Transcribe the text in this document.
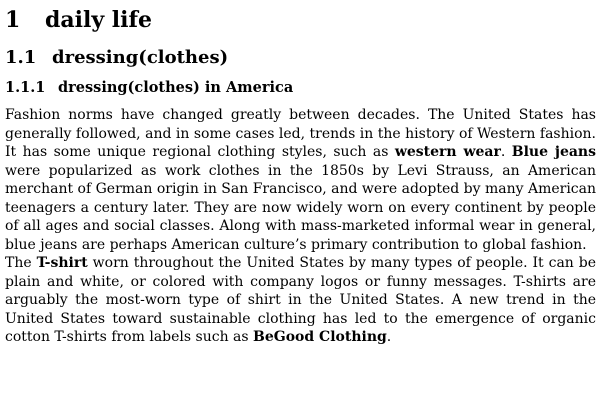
1 daily life
1.1 dressing(clothes)
1.1.1 dressing(clothes) in America

Fashion norms have changed greatly between decades. The United States has generally followed, and in some cases led, trends in the history of Western fashion. It has some unique regional clothing styles, such as western wear. Blue jeans were popularized as work clothes in the 1850s by Levi Strauss, an American merchant of German origin in San Francisco, and were adopted by many American teenagers a century later. They are now widely worn on every continent by people of all ages and social classes. Along with mass-marketed informal wear in general, blue jeans are perhaps American culture’s primary contribution to global fashion.

The T-shirt worn throughout the United States by many types of people. It can be plain and white, or colored with company logos or funny messages. T-shirts are arguably the most-worn type of shirt in the United States. A new trend in the United States toward sustainable clothing has led to the emergence of organic cotton T-shirts from labels such as BeGood Clothing.
